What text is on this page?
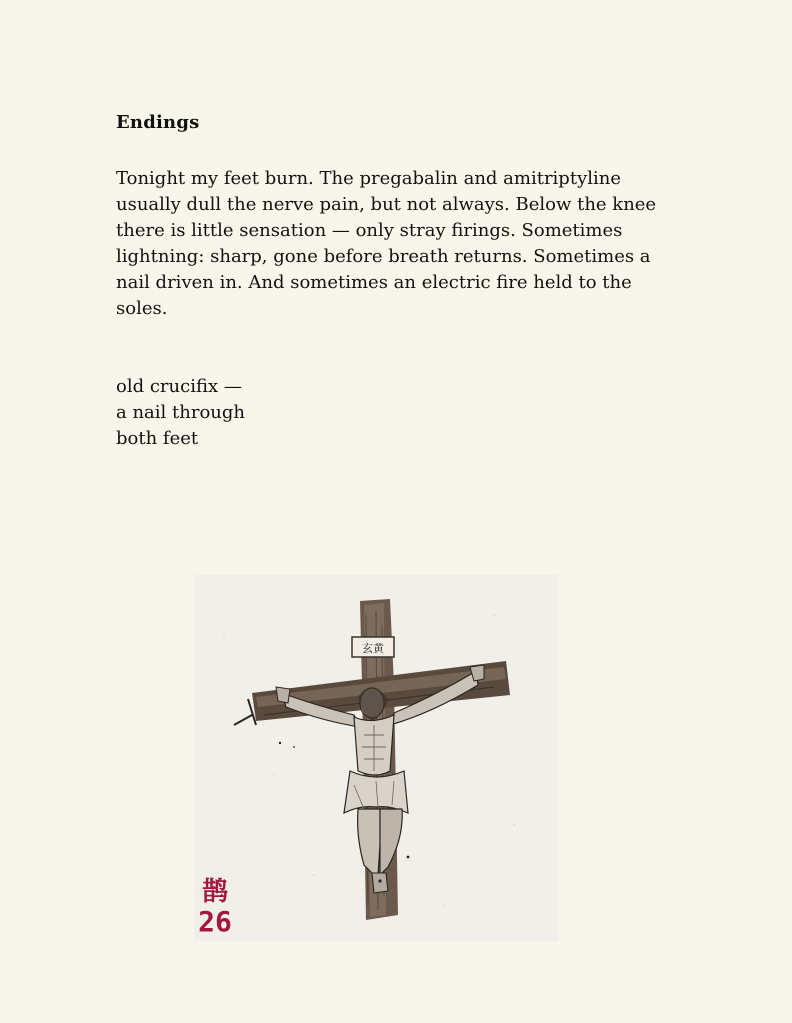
Endings

Tonight my feet burn. The pregabalin and amitriptyline usually dull the nerve pain, but not always. Below the knee there is little sensation — only stray firings. Sometimes lightning: sharp, gone before breath returns. Sometimes a nail driven in. And sometimes an electric fire held to the soles.

old crucifix —
a nail through
both feet
玄黄
鹊
26
